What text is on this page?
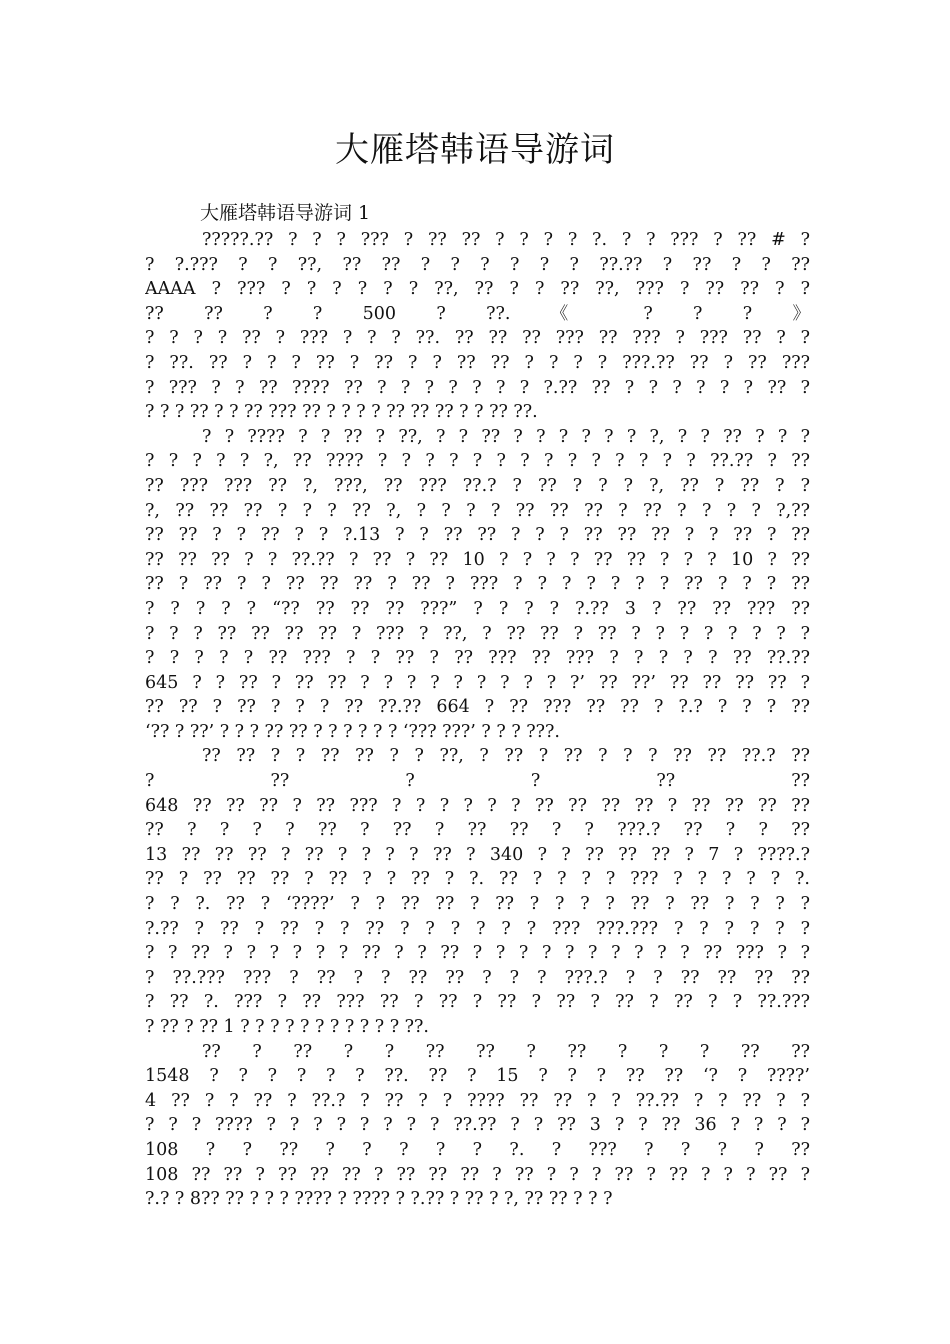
大雁塔韩语导游词
大雁塔韩语导游词 1
?????.?? ? ? ? ??? ? ?? ?? ? ? ? ? ?. ? ? ??? ? ?? # ?
? ?.??? ? ? ??, ?? ?? ? ? ? ? ? ? ??.?? ? ?? ? ? ??
AAAA ? ??? ? ? ? ? ? ? ??, ?? ? ? ?? ??, ??? ? ?? ?? ? ?
?? ?? ? ? 500 ? ??. 《 ? ? ? 》
? ? ? ? ?? ? ??? ? ? ? ??. ?? ?? ?? ??? ?? ??? ? ??? ?? ? ?
? ??. ?? ? ? ? ?? ? ?? ? ? ?? ?? ? ? ? ? ???.?? ?? ? ?? ???
? ??? ? ? ?? ???? ?? ? ? ? ? ? ? ? ?.?? ?? ? ? ? ? ? ? ?? ?
? ? ? ?? ? ? ?? ??? ?? ? ? ? ? ?? ?? ?? ? ? ?? ??.
? ? ???? ? ? ?? ? ??, ? ? ?? ? ? ? ? ? ? ?, ? ? ?? ? ? ?
? ? ? ? ? ?, ?? ???? ? ? ? ? ? ? ? ? ? ? ? ? ? ? ??.?? ? ??
?? ??? ??? ?? ?, ???, ?? ??? ??.? ? ?? ? ? ? ?, ?? ? ?? ? ?
?, ?? ?? ?? ? ? ? ?? ?, ? ? ? ? ?? ?? ?? ? ?? ? ? ? ? ?,??
?? ?? ? ? ?? ? ? ?.13 ? ? ?? ?? ? ? ? ?? ?? ?? ? ? ?? ? ??
?? ?? ?? ? ? ??.?? ? ?? ? ?? 10 ? ? ? ? ?? ?? ? ? ? 10 ? ??
?? ? ?? ? ? ?? ?? ?? ? ?? ? ??? ? ? ? ? ? ? ? ?? ? ? ? ??
? ? ? ? ? “?? ?? ?? ?? ???” ? ? ? ? ?.?? 3 ? ?? ?? ??? ??
? ? ? ?? ?? ?? ?? ? ??? ? ??, ? ?? ?? ? ?? ? ? ? ? ? ? ? ?
? ? ? ? ? ?? ??? ? ? ?? ? ?? ??? ?? ??? ? ? ? ? ? ?? ??.??
645 ? ? ?? ? ?? ?? ? ? ? ? ? ? ? ? ? ?’ ?? ??’ ?? ?? ?? ?? ?
?? ?? ? ?? ? ? ? ?? ??.?? 664 ? ?? ??? ?? ?? ? ?.? ? ? ? ??
‘?? ? ??’ ? ? ? ?? ?? ? ? ? ? ? ? ‘??? ???’ ? ? ? ???.
?? ?? ? ? ?? ?? ? ? ??, ? ?? ? ?? ? ? ? ?? ?? ??.? ??
? ?? ? ? ?? ??
648 ?? ?? ?? ? ?? ??? ? ? ? ? ? ? ?? ?? ?? ?? ? ?? ?? ?? ??
?? ? ? ? ? ?? ? ?? ? ?? ?? ? ? ???.? ?? ? ? ??
13 ?? ?? ?? ? ?? ? ? ? ? ?? ? 340 ? ? ?? ?? ?? ? 7 ? ????.?
?? ? ?? ?? ?? ? ?? ? ? ?? ? ?. ?? ? ? ? ? ??? ? ? ? ? ? ?.
? ? ?. ?? ? ‘????’ ? ? ?? ?? ? ?? ? ? ? ? ?? ? ?? ? ? ? ?
?.?? ? ?? ? ?? ? ? ?? ? ? ? ? ? ? ??? ???.??? ? ? ? ? ? ?
? ? ?? ? ? ? ? ? ? ?? ? ? ?? ? ? ? ? ? ? ? ? ? ? ?? ??? ? ?
? ??.??? ??? ? ?? ? ? ?? ?? ? ? ? ???.? ? ? ?? ?? ?? ??
? ?? ?. ??? ? ?? ??? ?? ? ?? ? ?? ? ?? ? ?? ? ?? ? ? ??.???
? ?? ? ?? 1 ? ? ? ? ? ? ? ? ? ? ? ??.
?? ? ?? ? ? ?? ?? ? ?? ? ? ? ?? ??
1548 ? ? ? ? ? ? ??. ?? ? 15 ? ? ? ?? ?? ‘? ? ????’
4 ?? ? ? ?? ? ??.? ? ?? ? ? ???? ?? ?? ? ? ??.?? ? ? ?? ? ?
? ? ? ???? ? ? ? ? ? ? ? ? ??.?? ? ? ?? 3 ? ? ?? 36 ? ? ? ?
108 ? ? ?? ? ? ? ? ? ?. ? ??? ? ? ? ? ??
108 ?? ?? ? ?? ?? ?? ? ?? ?? ?? ? ?? ? ? ? ?? ? ?? ? ? ? ?? ?
?.? ? 8?? ?? ? ? ? ???? ? ???? ? ?.?? ? ?? ? ?, ?? ?? ? ? ?
